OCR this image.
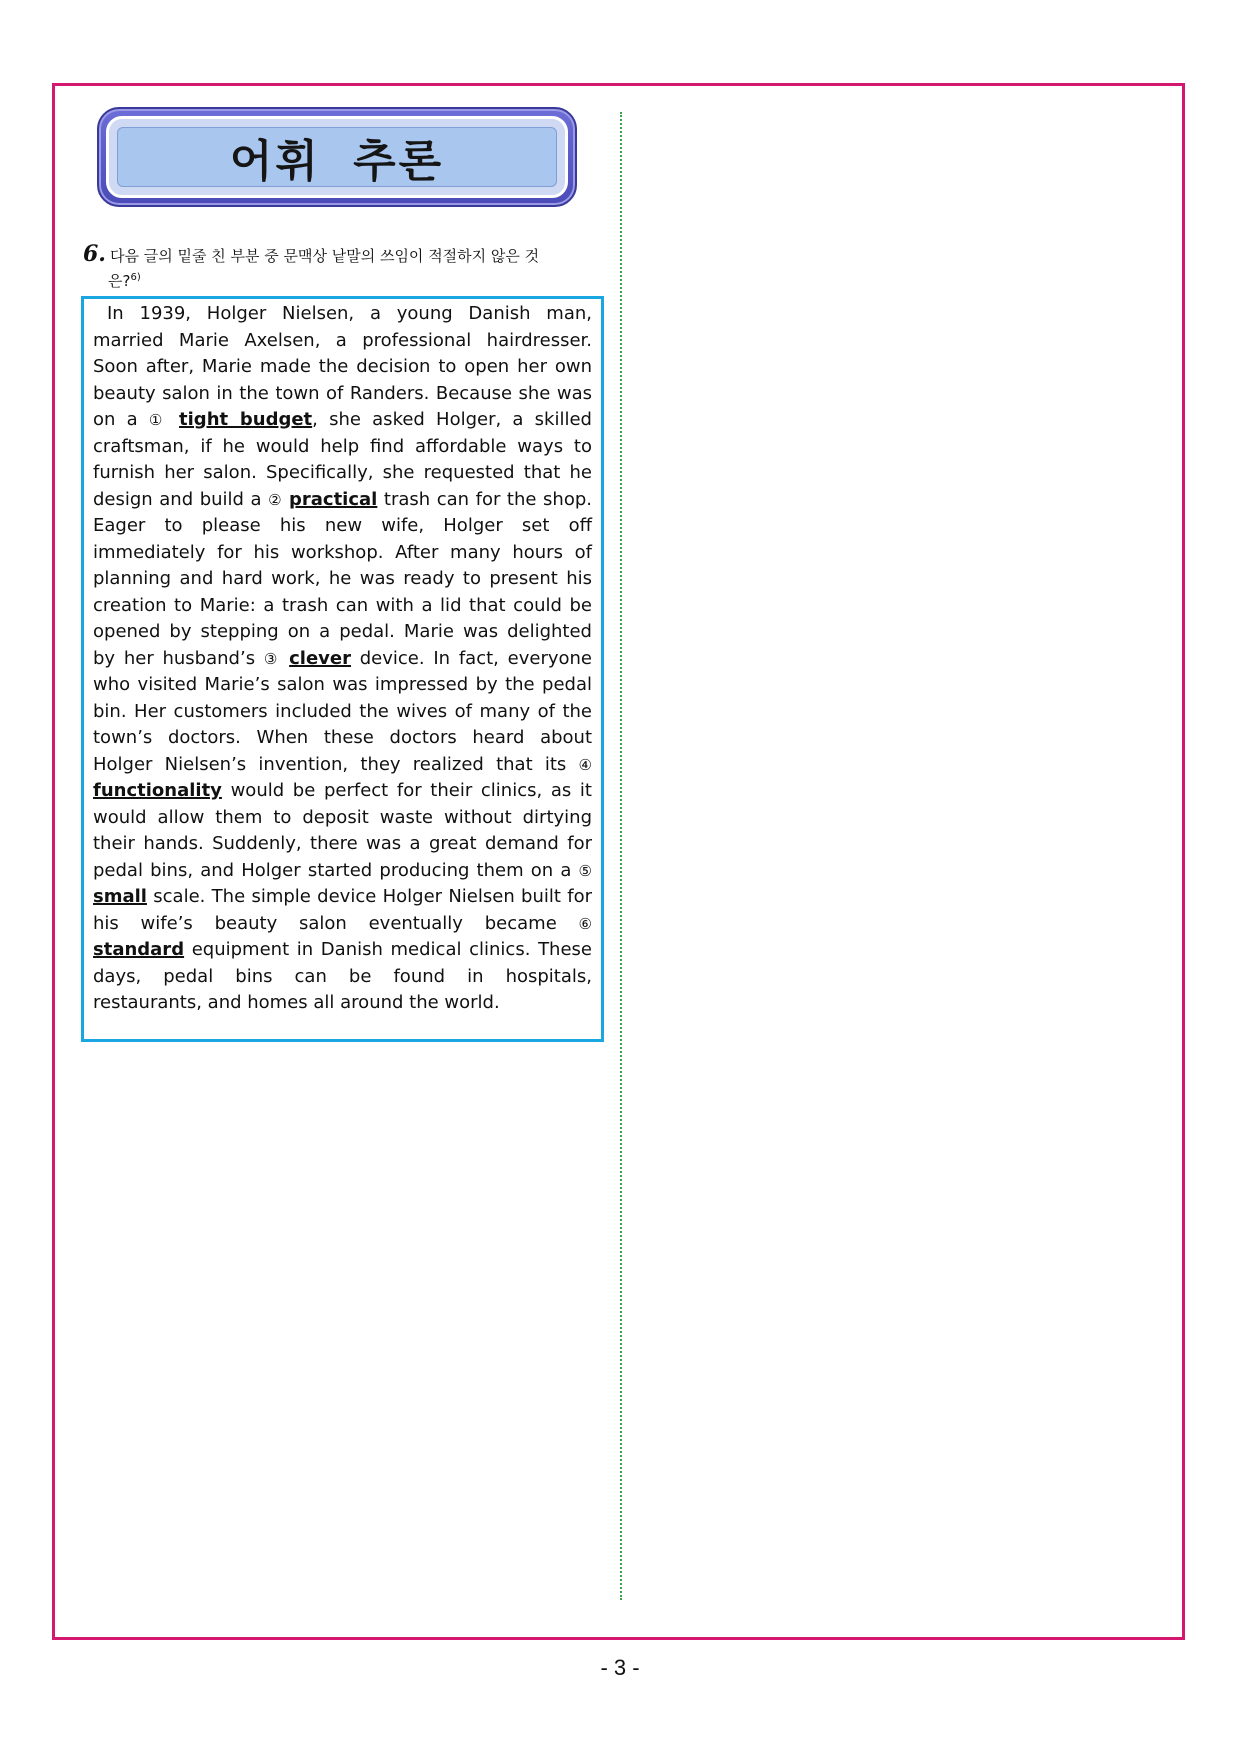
어휘 추론
6. 다음 글의 밑줄 친 부분 중 문맥상 낱말의 쓰임이 적절하지 않은 것
은?$^{6)}$

In 1939, Holger Nielsen, a young Danish man, married Marie Axelsen, a professional hairdresser. Soon after, Marie made the decision to open her own beauty salon in the town of Randers. Because she was on a ① tight budget, she asked Holger, a skilled craftsman, if he would help find affordable ways to furnish her salon. Specifically, she requested that he design and build a ② practical trash can for the shop. Eager to please his new wife, Holger set off immediately for his workshop. After many hours of planning and hard work, he was ready to present his creation to Marie: a trash can with a lid that could be opened by stepping on a pedal. Marie was delighted by her husband’s ③ clever device. In fact, everyone who visited Marie’s salon was impressed by the pedal bin. Her customers included the wives of many of the town’s doctors. When these doctors heard about Holger Nielsen’s invention, they realized that its ④ functionality would be perfect for their clinics, as it would allow them to deposit waste without dirtying their hands. Suddenly, there was a great demand for pedal bins, and Holger started producing them on a ⑤ small scale. The simple device Holger Nielsen built for his wife’s beauty salon eventually became ⑥ standard equipment in Danish medical clinics. These days, pedal bins can be found in hospitals, restaurants, and homes all around the world.

- 3 -
